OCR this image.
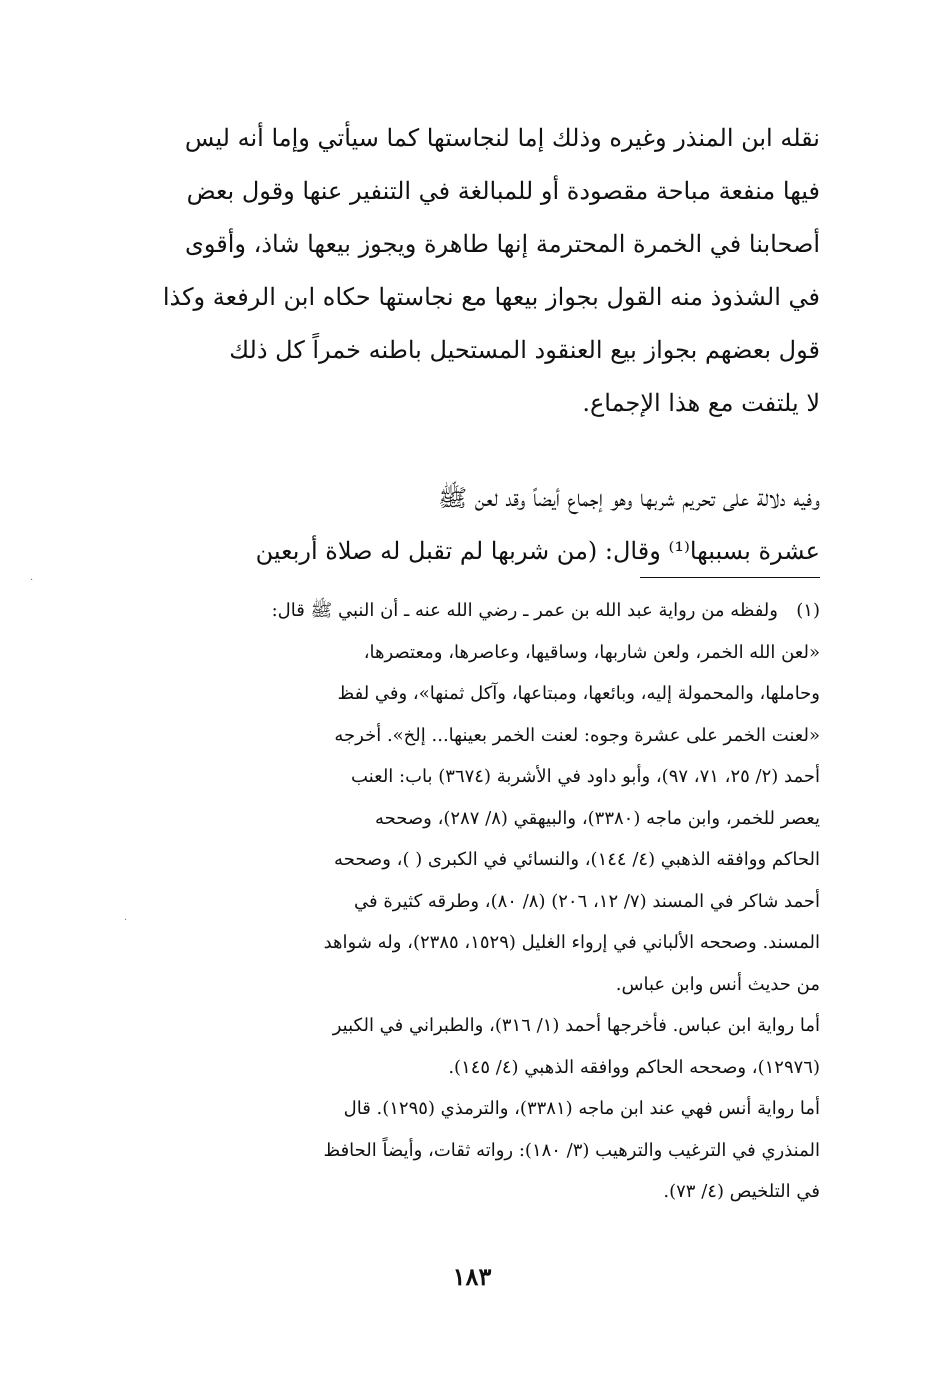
نقله ابن المنذر وغيره وذلك إما لنجاستها كما سيأتي وإما أنه ليس
فيها منفعة مباحة مقصودة أو للمبالغة في التنفير عنها وقول بعض
أصحابنا في الخمرة المحترمة إنها طاهرة ويجوز بيعها شاذ، وأقوى
في الشذوذ منه القول بجواز بيعها مع نجاستها حكاه ابن الرفعة وكذا
قول بعضهم بجواز بيع العنقود المستحيل باطنه خمراً كل ذلك
لا يلتفت مع هذا الإجماع.
وفيه دلالة على تحريم شربها وهو إجماع أيضاً وقد لعن ﷺ
عشرة بسببها⁽¹⁾ وقال: (من شربها لم تقبل له صلاة أربعين
(١)ولفظه من رواية عبد الله بن عمر ـ رضي الله عنه ـ أن النبي ﷺ قال:
«لعن الله الخمر، ولعن شاربها، وساقيها، وعاصرها، ومعتصرها،
وحاملها، والمحمولة إليه، وبائعها، ومبتاعها، وآكل ثمنها»، وفي لفظ
«لعنت الخمر على عشرة وجوه: لعنت الخمر بعينها... إلخ». أخرجه
أحمد (٢/ ٢٥، ٧١، ٩٧)، وأبو داود في الأشربة (٣٦٧٤) باب: العنب
يعصر للخمر، وابن ماجه (٣٣٨٠)، والبيهقي (٨/ ٢٨٧)، وصححه
الحاكم ووافقه الذهبي (٤/ ١٤٤)، والنسائي في الكبرى ( )، وصححه
أحمد شاكر في المسند (٧/ ١٢، ٢٠٦) (٨/ ٨٠)، وطرقه كثيرة في
المسند. وصححه الألباني في إرواء الغليل (١٥٢٩، ٢٣٨٥)، وله شواهد
من حديث أنس وابن عباس.
أما رواية ابن عباس. فأخرجها أحمد (١/ ٣١٦)، والطبراني في الكبير
(١٢٩٧٦)، وصححه الحاكم ووافقه الذهبي (٤/ ١٤٥).
أما رواية أنس فهي عند ابن ماجه (٣٣٨١)، والترمذي (١٢٩٥). قال
المنذري في الترغيب والترهيب (٣/ ١٨٠): رواته ثقات، وأيضاً الحافظ
في التلخيص (٤/ ٧٣).
١٨٣
·
·
